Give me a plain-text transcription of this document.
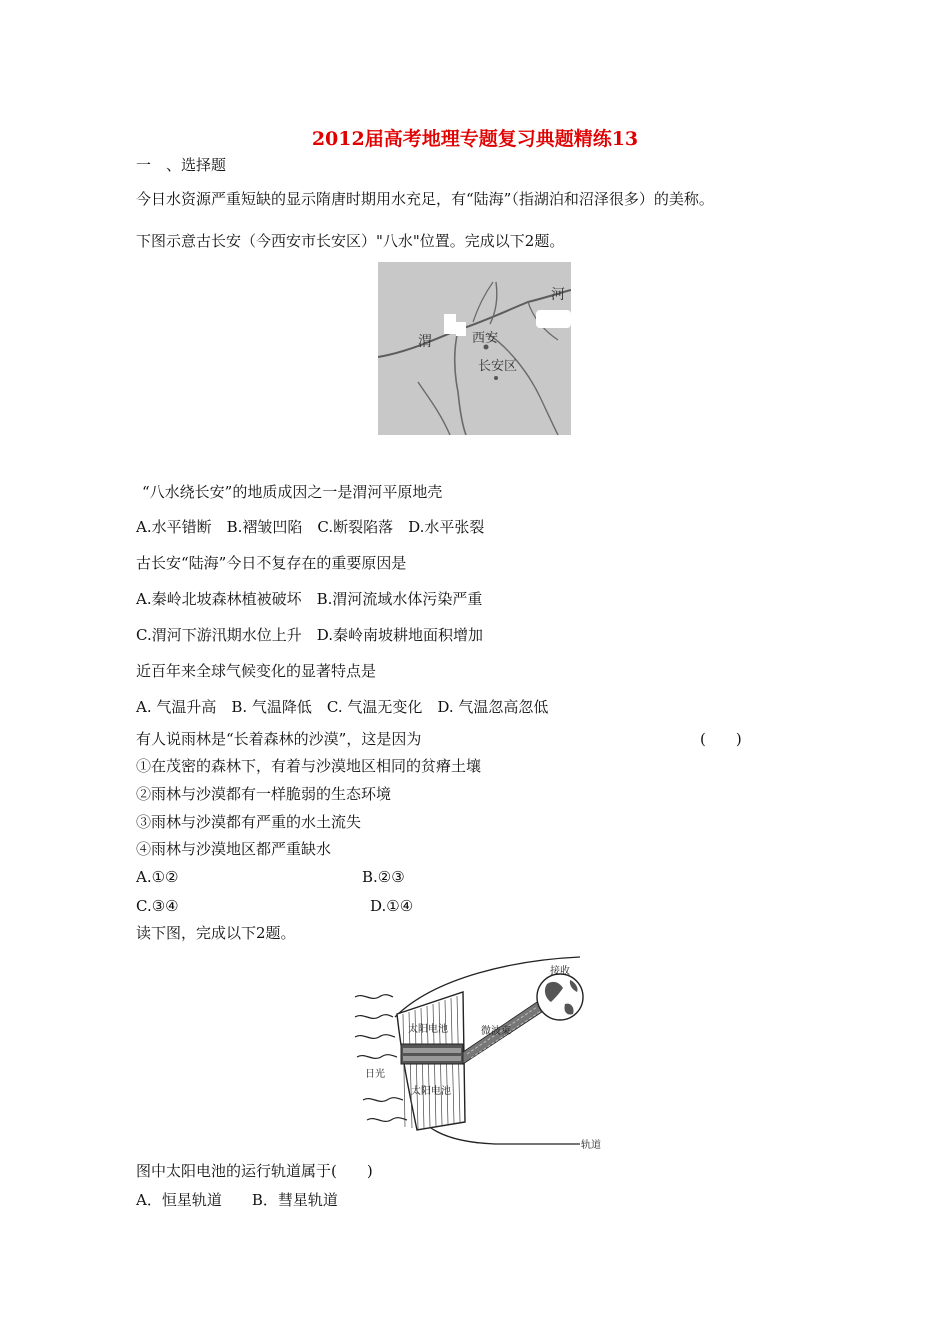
2012届高考地理专题复习典题精练13
一　、选择题
今日水资源严重短缺的显示隋唐时期用水充足，有“陆海”（指湖泊和沼泽很多）的美称。
下图示意古长安（今西安市长安区）"八水"位置。完成以下2题。
河
渭	西安
长安区
“八水绕长安”的地质成因之一是渭河平原地壳
A.水平错断　B.褶皱凹陷　C.断裂陷落　D.水平张裂
古长安“陆海”今日不复存在的重要原因是
A.秦岭北坡森林植被破坏　B.渭河流域水体污染严重
C.渭河下游汛期水位上升　D.秦岭南坡耕地面积增加
近百年来全球气候变化的显著特点是
A. 气温升高　B. 气温降低　C. 气温无变化　D. 气温忽高忽低
有人说雨林是“长着森林的沙漠”，这是因为	(　　)
①在茂密的森林下，有着与沙漠地区相同的贫瘠土壤
②雨林与沙漠都有一样脆弱的生态环境
③雨林与沙漠都有严重的水土流失
④雨林与沙漠地区都严重缺水
A.①②	B.②③
C.③④	D.①④
读下图，完成以下2题。
太阳电池
太阳电池
微波束
接收
日光
轨道
图中太阳电池的运行轨道属于(　　)
A．恒星轨道　　B．彗星轨道
